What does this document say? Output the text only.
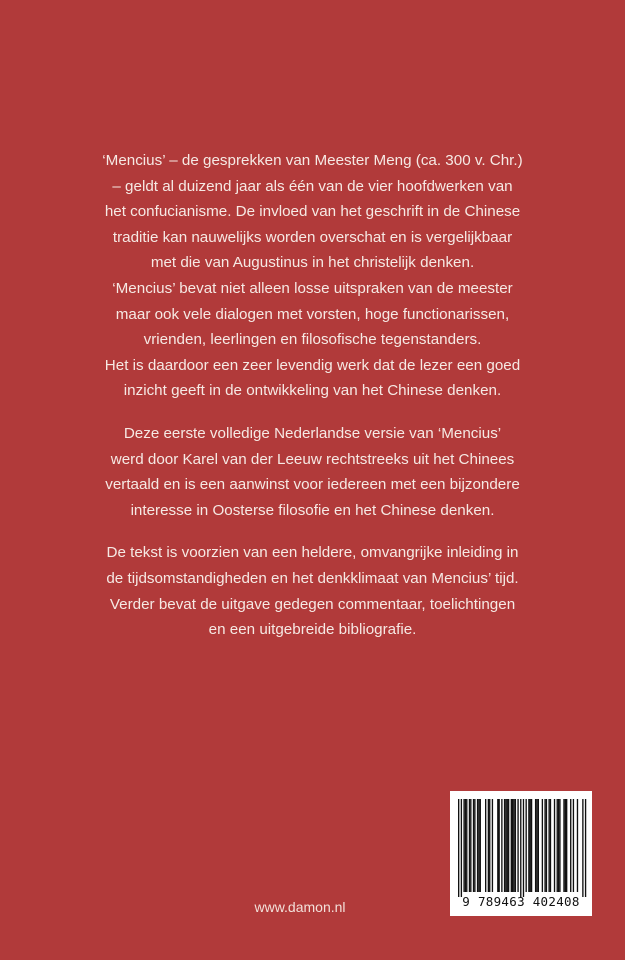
‘Mencius’ – de gesprekken van Meester Meng (ca. 300 v. Chr.)
– geldt al duizend jaar als één van de vier hoofdwerken van
het confucianisme. De invloed van het geschrift in de Chinese
traditie kan nauwelijks worden overschat en is vergelijkbaar
met die van Augustinus in het christelijk denken.
‘Mencius’ bevat niet alleen losse uitspraken van de meester
maar ook vele dialogen met vorsten, hoge functionarissen,
vrienden, leerlingen en filosofische tegenstanders.
Het is daardoor een zeer levendig werk dat de lezer een goed
inzicht geeft in de ontwikkeling van het Chinese denken.

Deze eerste volledige Nederlandse versie van ‘Mencius’
werd door Karel van der Leeuw rechtstreeks uit het Chinees
vertaald en is een aanwinst voor iedereen met een bijzondere
interesse in Oosterse filosofie en het Chinese denken.

De tekst is voorzien van een heldere, omvangrijke inleiding in
de tijdsomstandigheden en het denkklimaat van Mencius’ tijd.
Verder bevat de uitgave gedegen commentaar, toelichtingen
en een uitgebreide bibliografie.

www.damon.nl	9 789463 402408
